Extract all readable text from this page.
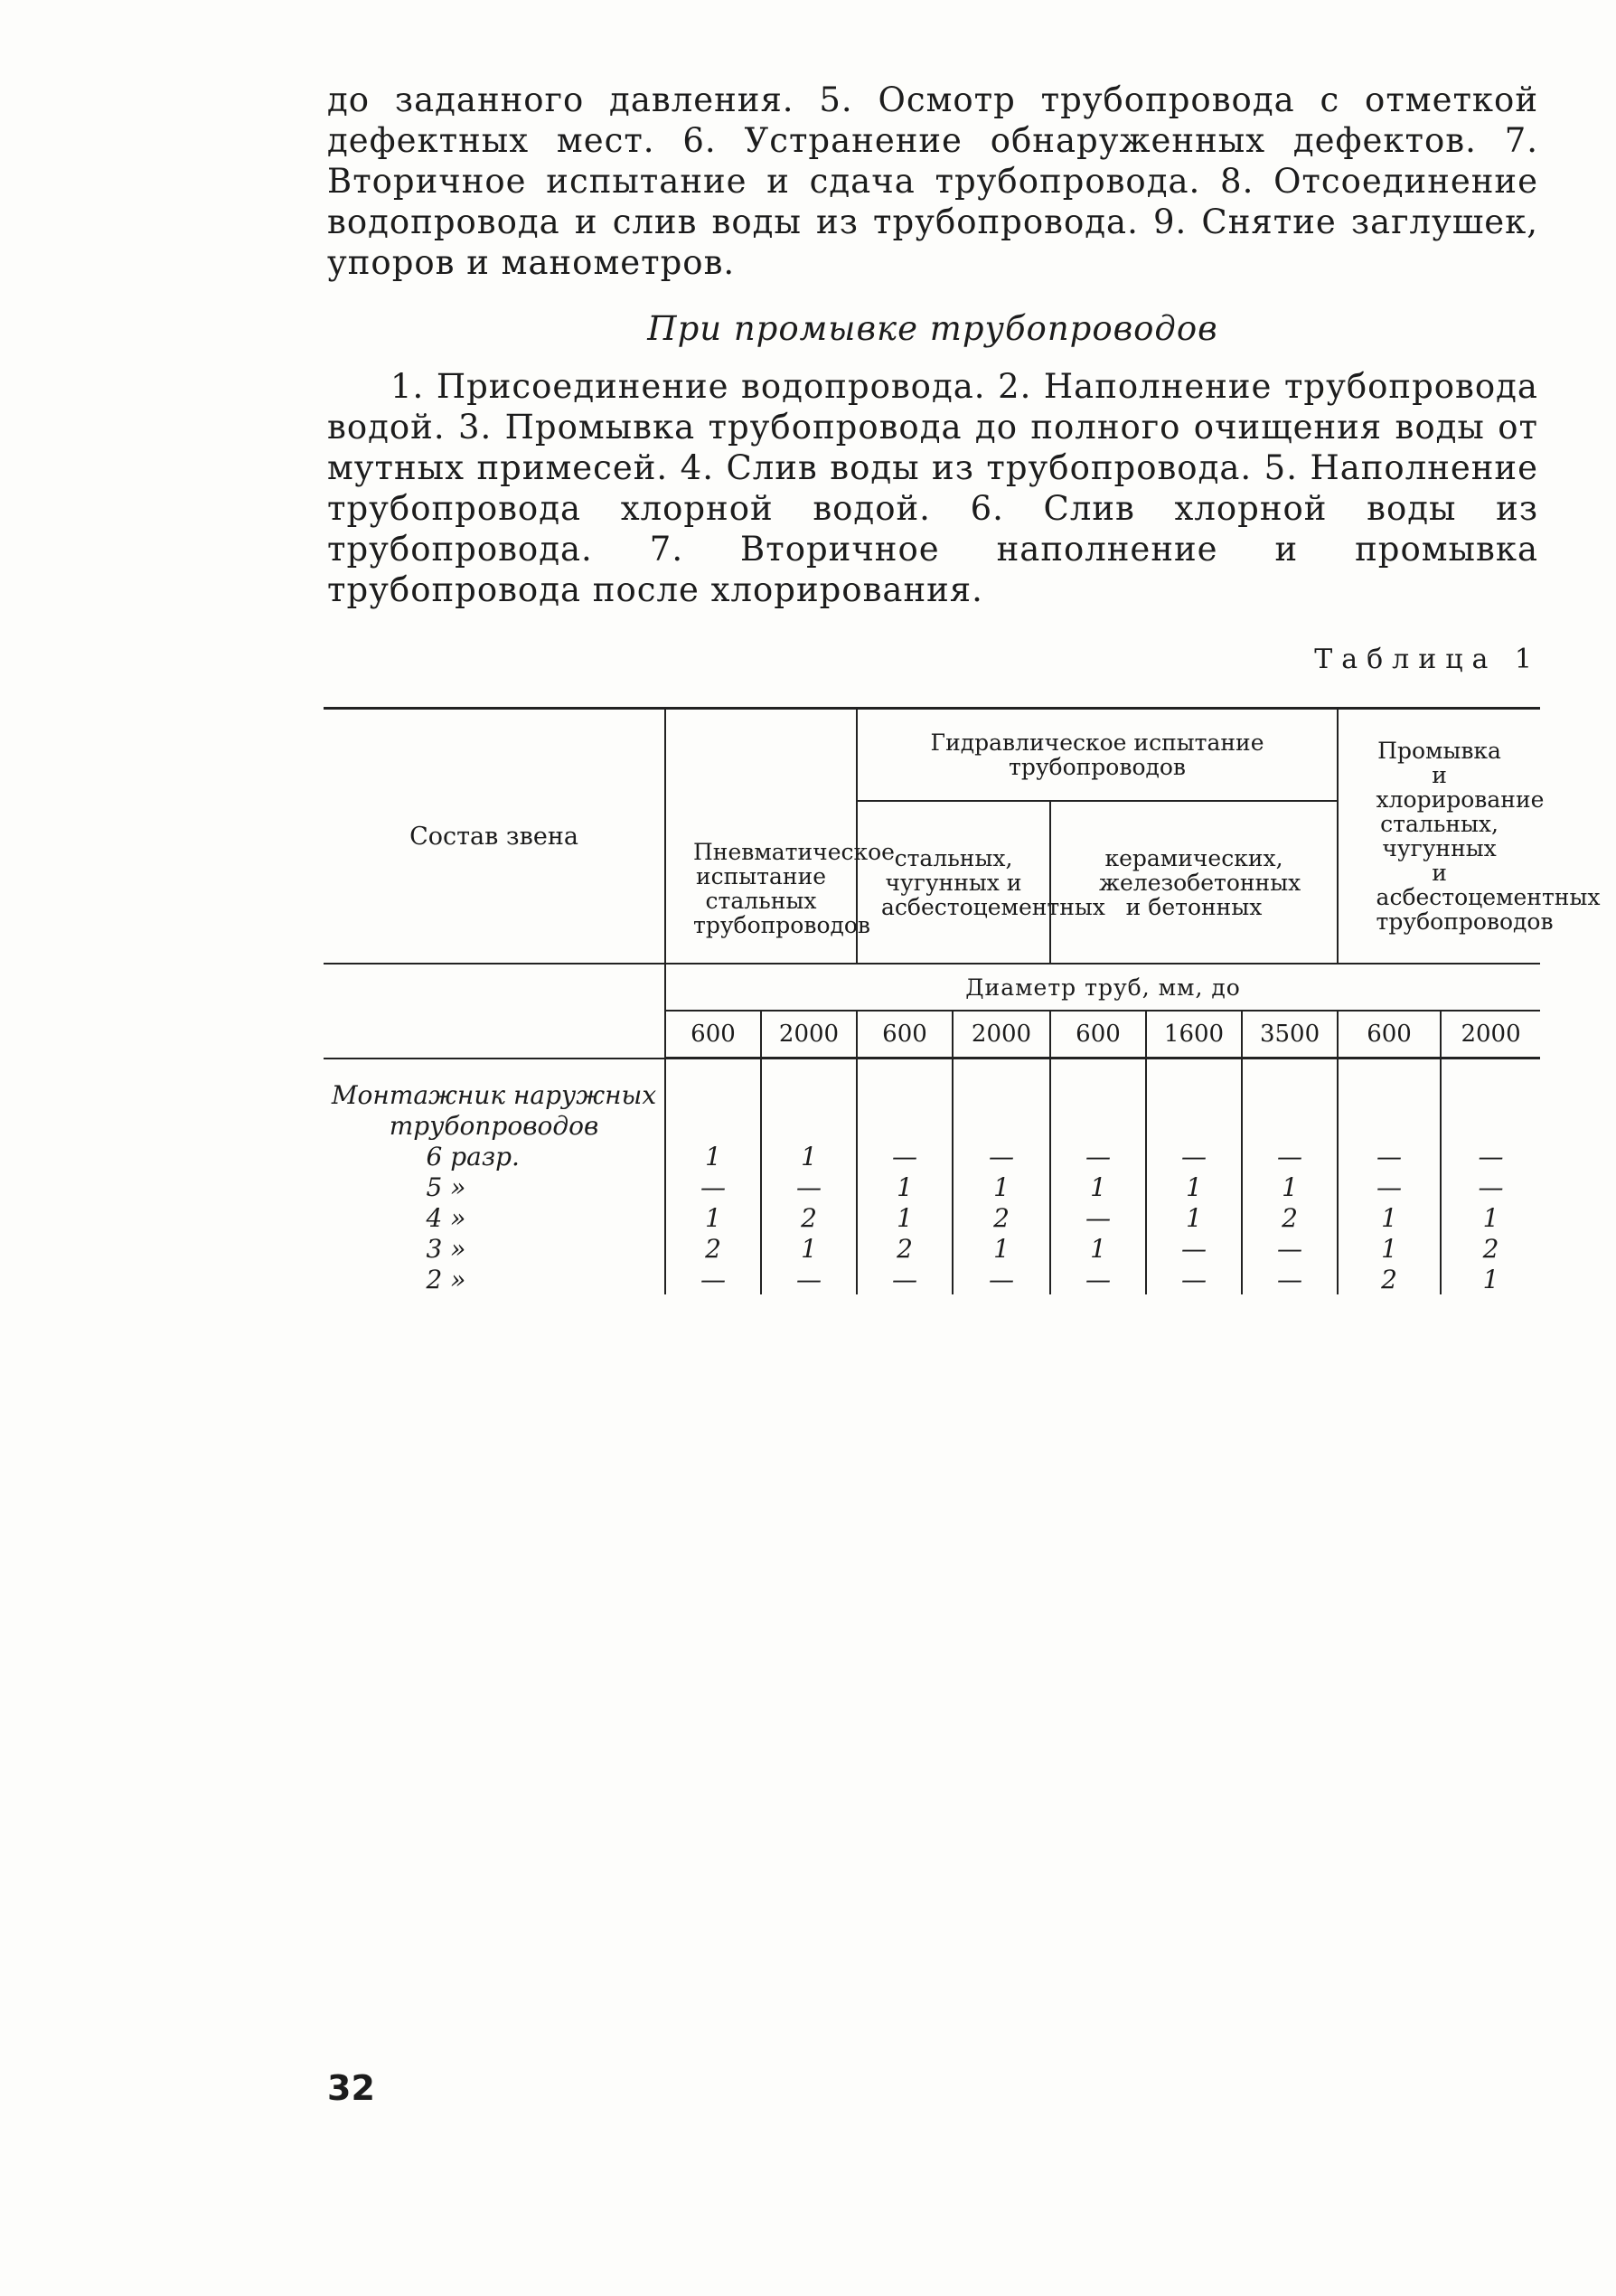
до заданного давления. 5. Осмотр трубопровода с отметкой дефектных мест. 6. Устранение обнаруженных дефектов. 7. Вторичное испытание и сдача трубопровода. 8. Отсоединение водопровода и слив воды из трубопровода. 9. Снятие заглушек, упоров и манометров.
При промывке трубопроводов
1. Присоединение водопровода. 2. Наполнение трубопровода водой. 3. Промывка трубопровода до полного очищения воды от мутных примесей. 4. Слив воды из трубопровода. 5. Наполнение трубопровода хлорной водой. 6. Слив хлорной воды из трубопровода. 7. Вторичное наполнение и промывка трубопровода после хлорирования.
Таблица 1
Состав звена	Пневматическое испытание стальных трубопроводов		Гидравлическое испытание трубопроводов					Промывка и хлорирование стальных, чугунных и асбестоцементных трубопроводов	

			стальных, чугунных и асбестоцементных		керамических, железобетонных и бетонных				

	Диаметр труб, мм, до								
	600	2000	600	2000	600	1600	3500	600	2000

Монтажник наружных									
трубопроводов									
6 разр.	1	1	—	—	—	—	—	—	—
5 »	—	—	1	1	1	1	1	—	—
4 »	1	2	1	2	—	1	2	1	1
3 »	2	1	2	1	1	—	—	1	2
2 »	—	—	—	—	—	—	—	2	1
32
